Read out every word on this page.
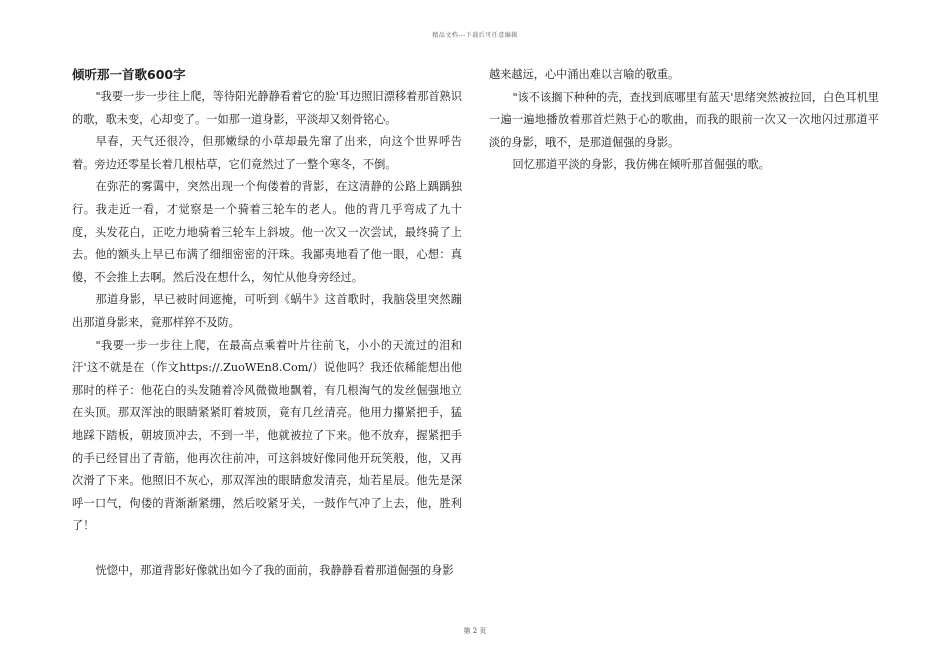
精品文档---下载后可任意编辑
倾听那一首歌600字

"我要一步一步往上爬，等待阳光静静看着它的脸'耳边照旧漂移着那首熟识的歌，歌未变，心却变了。一如那一道身影，平淡却又刻骨铭心。

早春，天气还很冷，但那嫩绿的小草却最先窜了出来，向这个世界呼告着。旁边还零星长着几根枯草，它们竟然过了一整个寒冬，不倒。

在弥茫的雾霭中，突然出现一个佝偻着的背影，在这清静的公路上踽踽独行。我走近一看，才觉察是一个骑着三轮车的老人。他的背几乎弯成了九十度，头发花白，正吃力地骑着三轮车上斜坡。他一次又一次尝试，最终骑了上去。他的额头上早已布满了细细密密的汗珠。我鄙夷地看了他一眼，心想：真傻，不会推上去啊。然后没在想什么，匆忙从他身旁经过。

那道身影，早已被时间遮掩，可听到《蜗牛》这首歌时，我脑袋里突然蹦出那道身影来，竟那样猝不及防。

"我要一步一步往上爬，在最高点乘着叶片往前飞，小小的天流过的泪和汗'这不就是在（作文https://.ZuoWEn8.Com/）说他吗？我还依稀能想出他那时的样子：他花白的头发随着冷风微微地飘着，有几根淘气的发丝倔强地立在头顶。那双浑浊的眼睛紧紧盯着坡顶，竟有几丝清亮。他用力攥紧把手，猛地踩下踏板，朝坡顶冲去，不到一半，他就被拉了下来。他不放弃，握紧把手的手已经冒出了青筋，他再次往前冲，可这斜坡好像同他开玩笑般，他，又再次滑了下来。他照旧不灰心，那双浑浊的眼睛愈发清亮，灿若星辰。他先是深呼一口气，佝偻的背渐渐紧绷，然后咬紧牙关，一鼓作气冲了上去，他，胜利了！

恍惚中，那道背影好像就出如今了我的面前，我静静看着那道倔强的身影

越来越远，心中涌出难以言喻的敬重。

"该不该搁下种种的壳，查找到底哪里有蓝天'思绪突然被拉回，白色耳机里一遍一遍地播放着那首烂熟于心的歌曲，而我的眼前一次又一次地闪过那道平淡的身影，哦不，是那道倔强的身影。

回忆那道平淡的身影，我仿佛在倾听那首倔强的歌。

第 2 页
